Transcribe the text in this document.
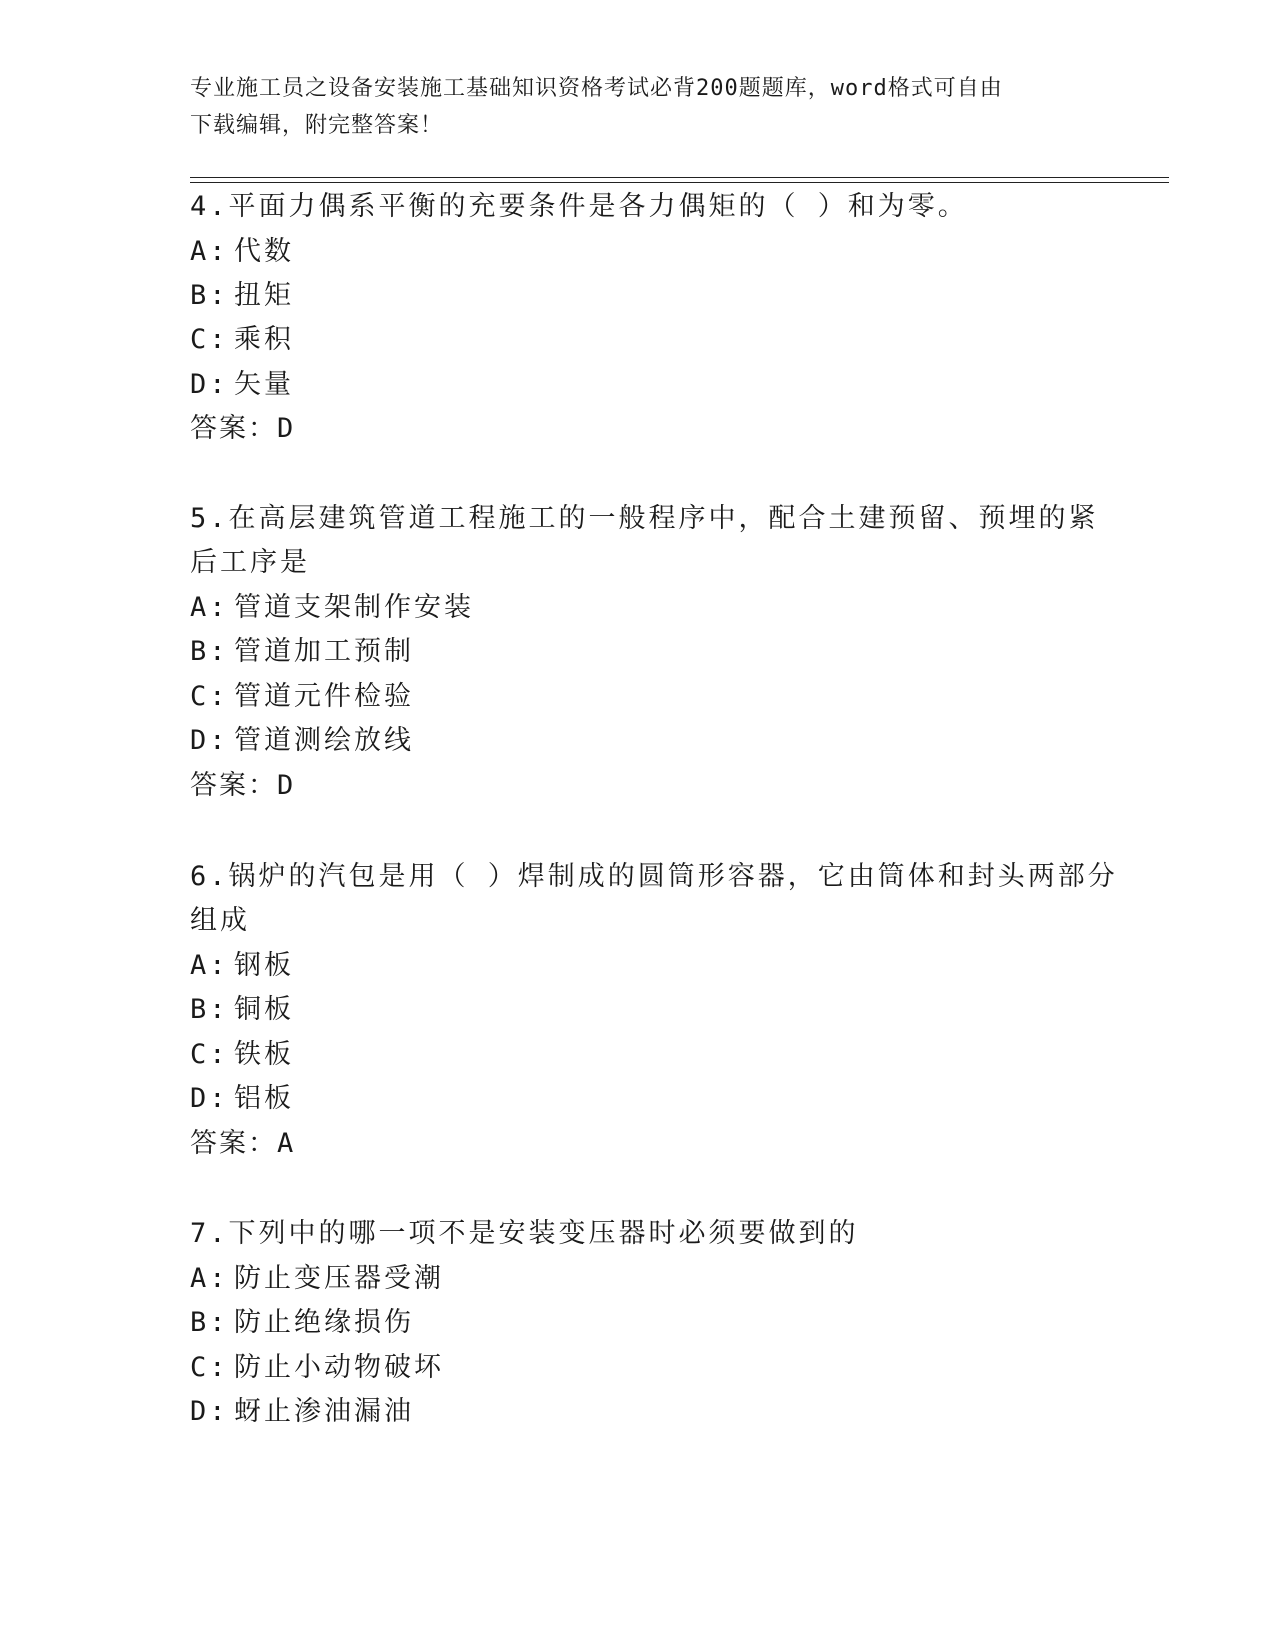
专业施工员之设备安装施工基础知识资格考试必背200题题库，word格式可自由
下载编辑，附完整答案！
4.平面力偶系平衡的充要条件是各力偶矩的（ ）和为零。
A: 代数
B: 扭矩
C: 乘积
D: 矢量
答案：D
5.在高层建筑管道工程施工的一般程序中，配合土建预留、预埋的紧
后工序是
A: 管道支架制作安装
B: 管道加工预制
C: 管道元件检验
D: 管道测绘放线
答案：D
6.锅炉的汽包是用（ ）焊制成的圆筒形容器，它由筒体和封头两部分
组成
A: 钢板
B: 铜板
C: 铁板
D: 铝板
答案：A
7.下列中的哪一项不是安装变压器时必须要做到的
A: 防止变压器受潮
B: 防止绝缘损伤
C: 防止小动物破坏
D: 蚜止渗油漏油
